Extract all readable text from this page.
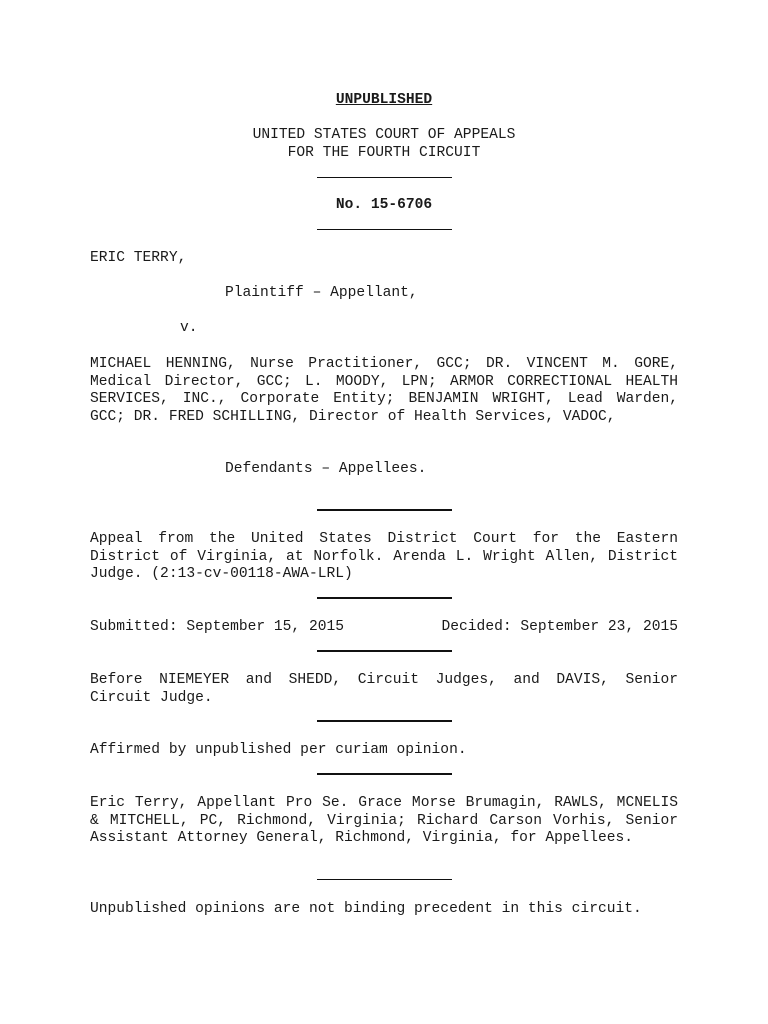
UNPUBLISHED
UNITED STATES COURT OF APPEALS
FOR THE FOURTH CIRCUIT
No. 15-6706
ERIC TERRY,
Plaintiff – Appellant,
v.
MICHAEL HENNING, Nurse Practitioner, GCC; DR. VINCENT M. GORE, Medical Director, GCC; L. MOODY, LPN; ARMOR CORRECTIONAL HEALTH SERVICES, INC., Corporate Entity; BENJAMIN WRIGHT, Lead Warden, GCC; DR. FRED SCHILLING, Director of Health Services, VADOC,
Defendants – Appellees.
Appeal from the United States District Court for the Eastern District of Virginia, at Norfolk. Arenda L. Wright Allen, District Judge. (2:13-cv-00118-AWA-LRL)
Submitted: September 15, 2015	Decided: September 23, 2015
Before NIEMEYER and SHEDD, Circuit Judges, and DAVIS, Senior Circuit Judge.
Affirmed by unpublished per curiam opinion.
Eric Terry, Appellant Pro Se. Grace Morse Brumagin, RAWLS, MCNELIS & MITCHELL, PC, Richmond, Virginia; Richard Carson Vorhis, Senior Assistant Attorney General, Richmond, Virginia, for Appellees.
Unpublished opinions are not binding precedent in this circuit.
